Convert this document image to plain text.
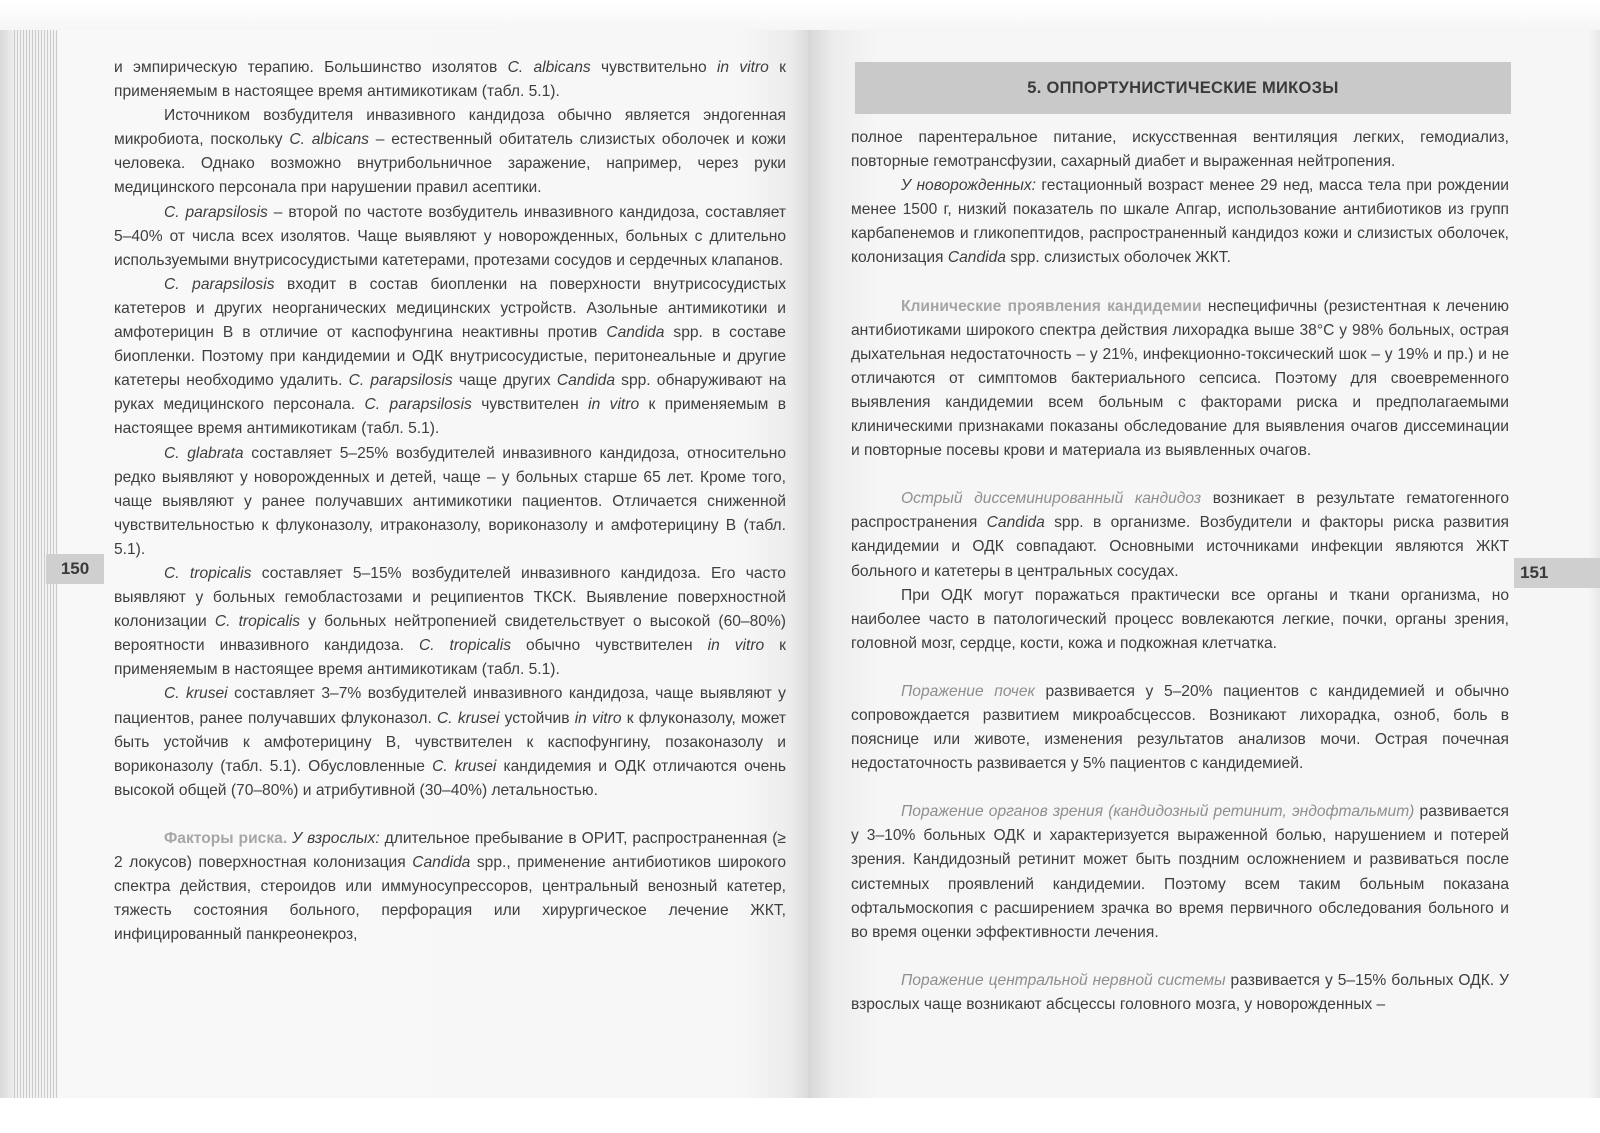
150

и эмпирическую терапию. Большинство изолятов C. albicans чувствительно in vitro к применяемым в настоящее время антимикотикам (табл. 5.1).

Источником возбудителя инвазивного кандидоза обычно является эндогенная микробиота, поскольку C. albicans – естественный обитатель слизистых оболочек и кожи человека. Однако возможно внутрибольничное заражение, например, через руки медицинского персонала при нарушении правил асептики.

C. parapsilosis – второй по частоте возбудитель инвазивного кандидоза, составляет 5–40% от числа всех изолятов. Чаще выявляют у новорожденных, больных с длительно используемыми внутрисосудистыми катетерами, протезами сосудов и сердечных клапанов.

C. parapsilosis входит в состав биопленки на поверхности внутрисосудистых катетеров и других неорганических медицинских устройств. Азольные антимикотики и амфотерицин В в отличие от каспофунгина неактивны против Candida spp. в составе биопленки. Поэтому при кандидемии и ОДК внутрисосудистые, перитонеальные и другие катетеры необходимо удалить. C. parapsilosis чаще других Candida spp. обнаруживают на руках медицинского персонала. C. parapsilosis чувствителен in vitro к применяемым в настоящее время антимикотикам (табл. 5.1).

C. glabrata составляет 5–25% возбудителей инвазивного кандидоза, относительно редко выявляют у новорожденных и детей, чаще – у больных старше 65 лет. Кроме того, чаще выявляют у ранее получавших антимикотики пациентов. Отличается сниженной чувствительностью к флуконазолу, итраконазолу, вориконазолу и амфотерицину В (табл. 5.1).

C. tropicalis составляет 5–15% возбудителей инвазивного кандидоза. Его часто выявляют у больных гемобластозами и реципиентов ТКСК. Выявление поверхностной колонизации C. tropicalis у больных нейтропенией свидетельствует о высокой (60–80%) вероятности инвазивного кандидоза. C. tropicalis обычно чувствителен in vitro к применяемым в настоящее время антимикотикам (табл. 5.1).

C. krusei составляет 3–7% возбудителей инвазивного кандидоза, чаще выявляют у пациентов, ранее получавших флуконазол. C. krusei устойчив in vitro к флуконазолу, может быть устойчив к амфотерицину В, чувствителен к каспофунгину, позаконазолу и вориконазолу (табл. 5.1). Обусловленные C. krusei кандидемия и ОДК отличаются очень высокой общей (70–80%) и атрибутивной (30–40%) летальностью.

Факторы риска. У взрослых: длительное пребывание в ОРИТ, распространенная (≥ 2 локусов) поверхностная колонизация Candida spp., применение антибиотиков широкого спектра действия, стероидов или иммуносупрессоров, центральный венозный катетер, тяжесть состояния больного, перфорация или хирургическое лечение ЖКТ, инфицированный панкреонекроз,

5. ОППОРТУНИСТИЧЕСКИЕ МИКОЗЫ
151

полное парентеральное питание, искусственная вентиляция легких, гемодиализ, повторные гемотрансфузии, сахарный диабет и выраженная нейтропения.

У новорожденных: гестационный возраст менее 29 нед, масса тела при рождении менее 1500 г, низкий показатель по шкале Апгар, использование антибиотиков из групп карбапенемов и гликопептидов, распространенный кандидоз кожи и слизистых оболочек, колонизация Candida spp. слизистых оболочек ЖКТ.

Клинические проявления кандидемии неспецифичны (резистентная к лечению антибиотиками широкого спектра действия лихорадка выше 38°С у 98% больных, острая дыхательная недостаточность – у 21%, инфекционно-токсический шок – у 19% и пр.) и не отличаются от симптомов бактериального сепсиса. Поэтому для своевременного выявления кандидемии всем больным с факторами риска и предполагаемыми клиническими признаками показаны обследование для выявления очагов диссеминации и повторные посевы крови и материала из выявленных очагов.

Острый диссеминированный кандидоз возникает в результате гематогенного распространения Candida spp. в организме. Возбудители и факторы риска развития кандидемии и ОДК совпадают. Основными источниками инфекции являются ЖКТ больного и катетеры в центральных сосудах.

При ОДК могут поражаться практически все органы и ткани организма, но наиболее часто в патологический процесс вовлекаются легкие, почки, органы зрения, головной мозг, сердце, кости, кожа и подкожная клетчатка.

Поражение почек развивается у 5–20% пациентов с кандидемией и обычно сопровождается развитием микроабсцессов. Возникают лихорадка, озноб, боль в пояснице или животе, изменения результатов анализов мочи. Острая почечная недостаточность развивается у 5% пациентов с кандидемией.

Поражение органов зрения (кандидозный ретинит, эндофтальмит) развивается у 3–10% больных ОДК и характеризуется выраженной болью, нарушением и потерей зрения. Кандидозный ретинит может быть поздним осложнением и развиваться после системных проявлений кандидемии. Поэтому всем таким больным показана офтальмоскопия с расширением зрачка во время первичного обследования больного и во время оценки эффективности лечения.

Поражение центральной нервной системы развивается у 5–15% больных ОДК. У взрослых чаще возникают абсцессы головного мозга, у новорожденных –
